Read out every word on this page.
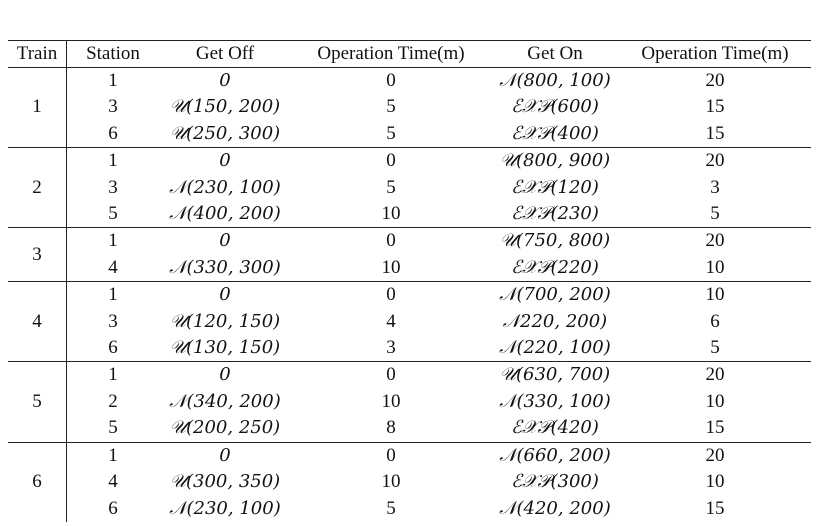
Train	Station	Get Off	Operation Time(m)	Get On	Operation Time(m)
1	1	0	0	𝒩(800, 100)	20
	3	𝒰(150, 200)	5	ℰ𝒳𝒫(600)	15
	6	𝒰(250, 300)	5	ℰ𝒳𝒫(400)	15
2	1	0	0	𝒰(800, 900)	20
	3	𝒩(230, 100)	5	ℰ𝒳𝒫(120)	3
	5	𝒩(400, 200)	10	ℰ𝒳𝒫(230)	5
3	1	0	0	𝒰(750, 800)	20
	4	𝒩(330, 300)	10	ℰ𝒳𝒫(220)	10
4	1	0	0	𝒩(700, 200)	10
	3	𝒰(120, 150)	4	𝒩220, 200)	6
	6	𝒰(130, 150)	3	𝒩(220, 100)	5
5	1	0	0	𝒰(630, 700)	20
	2	𝒩(340, 200)	10	𝒩(330, 100)	10
	5	𝒰(200, 250)	8	ℰ𝒳𝒫(420)	15
6	1	0	0	𝒩(660, 200)	20
	4	𝒰(300, 350)	10	ℰ𝒳𝒫(300)	10
	6	𝒩(230, 100)	5	𝒩(420, 200)	15
